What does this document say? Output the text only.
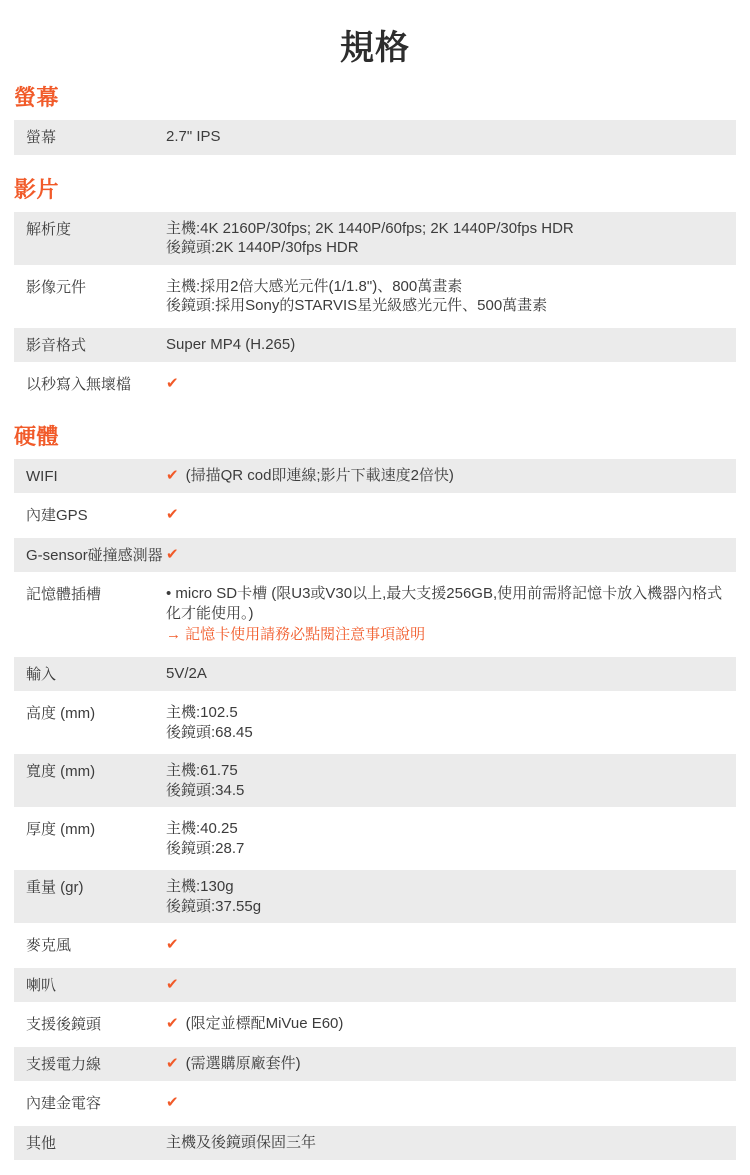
規格
螢幕
螢幕	2.7" IPS
影片
解析度	主機:4K 2160P/30fps; 2K 1440P/60fps; 2K 1440P/30fps HDR
後鏡頭:2K 1440P/30fps HDR
影像元件	主機:採用2倍大感光元件(1/1.8")、800萬畫素
後鏡頭:採用Sony的STARVIS星光級感光元件、500萬畫素
影音格式	Super MP4 (H.265)
以秒寫入無壞檔	✔
硬體
WIFI	✔ (掃描QR cod即連線;影片下載速度2倍快)
內建GPS	✔
G-sensor碰撞感測器 ✔
記憶體插槽	• micro SD卡槽 (限U3或V30以上,最大支援256GB,使用前需將記憶卡放入機器內格式化才能使用。)
→ 記憶卡使用請務必點閱注意事項說明
輸入	5V/2A
高度 (mm)	主機:102.5
後鏡頭:68.45
寬度 (mm)	主機:61.75
後鏡頭:34.5
厚度 (mm)	主機:40.25
後鏡頭:28.7
重量 (gr)	主機:130g
後鏡頭:37.55g
麥克風	✔
喇叭	✔
支援後鏡頭	✔ (限定並標配MiVue E60)
支援電力線	✔ (需選購原廠套件)
內建金電容	✔
其他	主機及後鏡頭保固三年
